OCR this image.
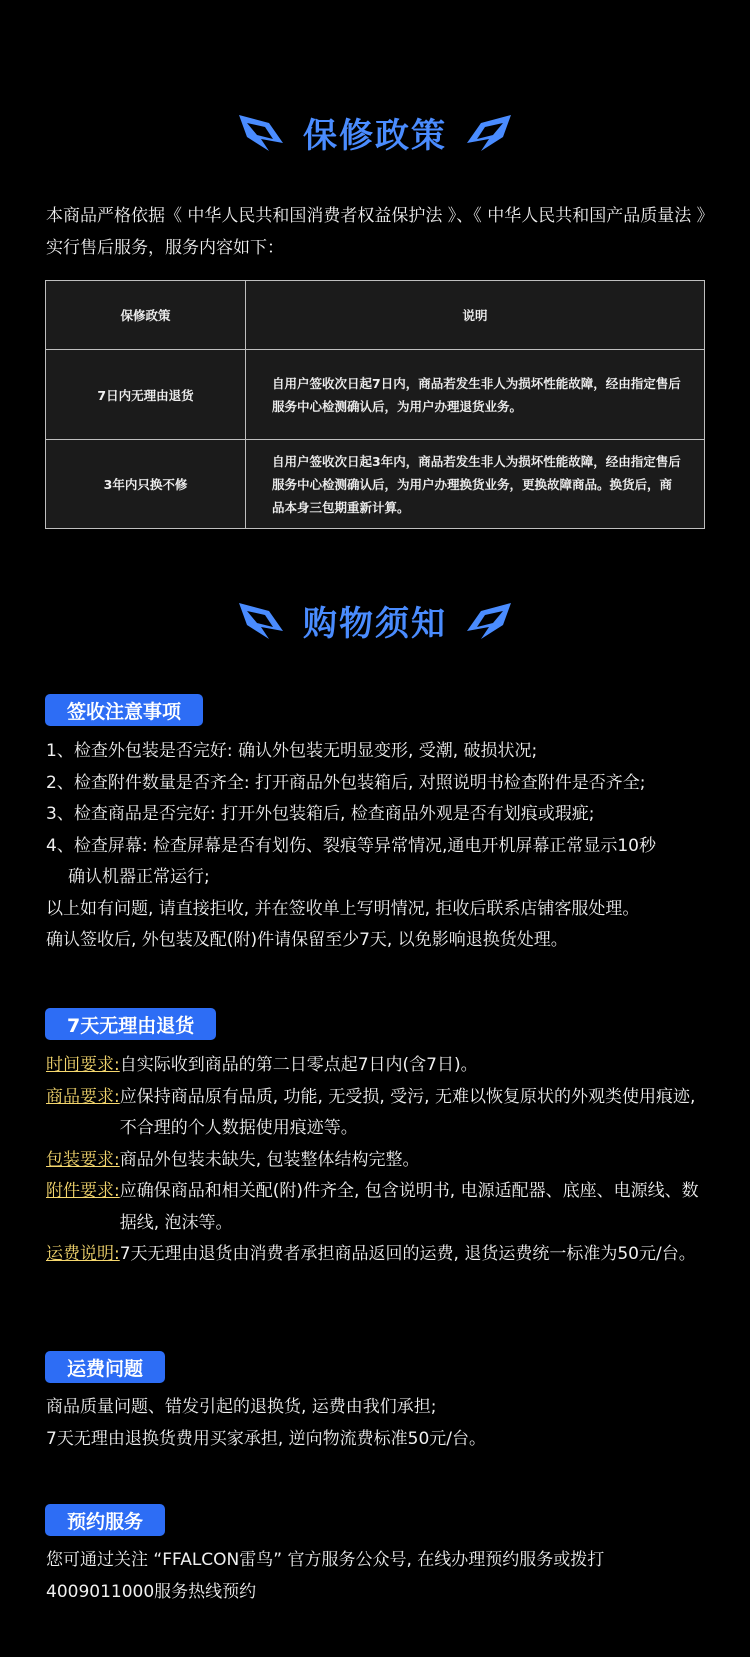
保修政策

本商品严格依据《 中华人民共和国消费者权益保护法 》、《 中华人民共和国产品质量法 》实行售后服务，服务内容如下：

保修政策	说明
7日内无理由退货	自用户签收次日起7日内，商品若发生非人为损坏性能故障，经由指定售后服务中心检测确认后，为用户办理退货业务。
3年内只换不修	自用户签收次日起3年内，商品若发生非人为损坏性能故障，经由指定售后服务中心检测确认后，为用户办理换货业务，更换故障商品。换货后，商品本身三包期重新计算。
购物须知
签收注意事项
1、检查外包装是否完好: 确认外包装无明显变形, 受潮, 破损状况;
2、检查附件数量是否齐全: 打开商品外包装箱后, 对照说明书检查附件是否齐全;
3、检查商品是否完好: 打开外包装箱后, 检查商品外观是否有划痕或瑕疵;
4、检查屏幕: 检查屏幕是否有划伤、裂痕等异常情况,通电开机屏幕正常显示10秒
确认机器正常运行;
以上如有问题, 请直接拒收, 并在签收单上写明情况, 拒收后联系店铺客服处理。
确认签收后, 外包装及配(附)件请保留至少7天, 以免影响退换货处理。
7天无理由退货
时间要求: 自实际收到商品的第二日零点起7日内(含7日)。
商品要求: 应保持商品原有品质, 功能, 无受损, 受污, 无难以恢复原状的外观类使用痕迹, 不合理的个人数据使用痕迹等。
包装要求: 商品外包装未缺失, 包装整体结构完整。
附件要求: 应确保商品和相关配(附)件齐全, 包含说明书, 电源适配器、底座、电源线、数据线, 泡沫等。
运费说明: 7天无理由退货由消费者承担商品返回的运费, 退货运费统一标准为50元/台。
运费问题
商品质量问题、错发引起的退换货, 运费由我们承担;
7天无理由退换货费用买家承担, 逆向物流费标准50元/台。
预约服务
您可通过关注 “FFALCON雷鸟” 官方服务公众号, 在线办理预约服务或拨打4009011000服务热线预约
